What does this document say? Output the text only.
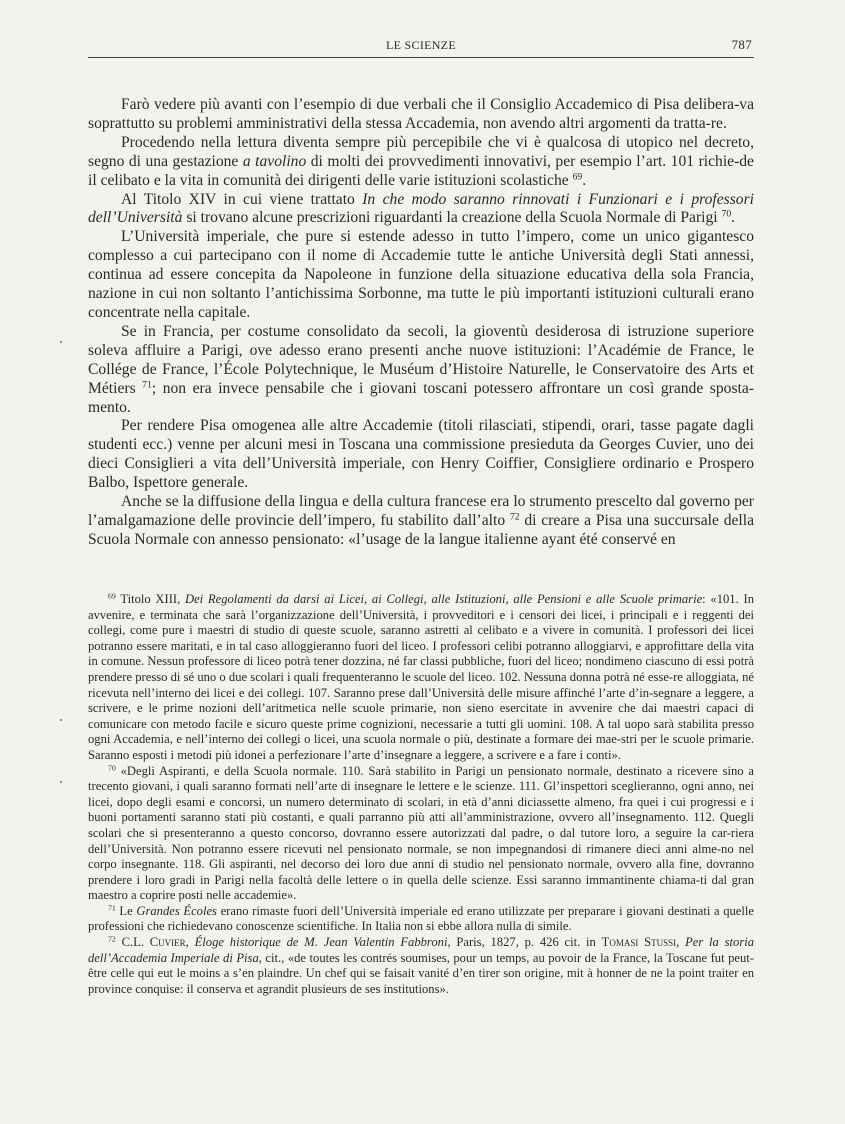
LE SCIENZE	787

Farò vedere più avanti con l’esempio di due verbali che il Consiglio Accademico di Pisa delibera-va soprattutto su problemi amministrativi della stessa Accademia, non avendo altri argomenti da tratta-re.

Procedendo nella lettura diventa sempre più percepibile che vi è qualcosa di utopico nel decreto, segno di una gestazione a tavolino di molti dei provvedimenti innovativi, per esempio l’art. 101 richie-de il celibato e la vita in comunità dei dirigenti delle varie istituzioni scolastiche $^{69}$.

Al Titolo XIV in cui viene trattato In che modo saranno rinnovati i Funzionari e i professori dell’Università si trovano alcune prescrizioni riguardanti la creazione della Scuola Normale di Parigi $^{70}$.

L’Università imperiale, che pure si estende adesso in tutto l’impero, come un unico gigantesco complesso a cui partecipano con il nome di Accademie tutte le antiche Università degli Stati annessi, continua ad essere concepita da Napoleone in funzione della situazione educativa della sola Francia, nazione in cui non soltanto l’antichissima Sorbonne, ma tutte le più importanti istituzioni culturali erano concentrate nella capitale.

Se in Francia, per costume consolidato da secoli, la gioventù desiderosa di istruzione superiore soleva affluire a Parigi, ove adesso erano presenti anche nuove istituzioni: l’Académie de France, le Collége de France, l’École Polytechnique, le Muséum d’Histoire Naturelle, le Conservatoire des Arts et Métiers $^{71}$; non era invece pensabile che i giovani toscani potessero affrontare un così grande sposta-mento.

Per rendere Pisa omogenea alle altre Accademie (titoli rilasciati, stipendi, orari, tasse pagate dagli studenti ecc.) venne per alcuni mesi in Toscana una commissione presieduta da Georges Cuvier, uno dei dieci Consiglieri a vita dell’Università imperiale, con Henry Coiffier, Consigliere ordinario e Prospero Balbo, Ispettore generale.

Anche se la diffusione della lingua e della cultura francese era lo strumento prescelto dal governo per l’amalgamazione delle provincie dell’impero, fu stabilito dall’alto $^{72}$ di creare a Pisa una succursale della Scuola Normale con annesso pensionato: «l’usage de la langue italienne ayant été conservé en

$^{69}$ Titolo XIII, Dei Regolamenti da darsi ai Licei, ai Collegi, alle Istituzioni, alle Pensioni e alle Scuole primarie: «101. In avvenire, e terminata che sarà l’organizzazione dell’Università, i provveditori e i censori dei licei, i principali e i reggenti dei collegi, come pure i maestri di studio di queste scuole, saranno astretti al celibato e a vivere in comunità. I professori dei licei potranno essere maritati, e in tal caso alloggieranno fuori del liceo. I professori celibi potranno alloggiarvi, e approfittare della vita in comune. Nessun professore di liceo potrà tener dozzina, né far classi pubbliche, fuori del liceo; nondimeno ciascuno di essi potrà prendere presso di sé uno o due scolari i quali frequenteranno le scuole del liceo. 102. Nessuna donna potrà né esse-re alloggiata, né ricevuta nell’interno dei licei e dei collegi. 107. Saranno prese dall’Università delle misure affinché l’arte d’in-segnare a leggere, a scrivere, e le prime nozioni dell’aritmetica nelle scuole primarie, non sieno esercitate in avvenire che dai maestri capaci di comunicare con metodo facile e sicuro queste prime cognizioni, necessarie a tutti gli uomini. 108. A tal uopo sarà stabilita presso ogni Accademia, e nell’interno dei collegi o licei, una scuola normale o più, destinate a formare dei mae-stri per le scuole primarie. Saranno esposti i metodi più idonei a perfezionare l’arte d’insegnare a leggere, a scrivere e a fare i conti».

$^{70}$ «Degli Aspiranti, e della Scuola normale. 110. Sarà stabilito in Parigi un pensionato normale, destinato a ricevere sino a trecento giovani, i quali saranno formati nell’arte di insegnare le lettere e le scienze. 111. Gl’inspettori sceglieranno, ogni anno, nei licei, dopo degli esami e concorsi, un numero determinato di scolari, in età d’anni diciassette almeno, fra quei i cui progressi e i buoni portamenti saranno stati più costanti, e quali parranno più atti all’amministrazione, ovvero all’insegnamento. 112. Quegli scolari che si presenteranno a questo concorso, dovranno essere autorizzati dal padre, o dal tutore loro, a seguire la car-riera dell’Università. Non potranno essere ricevuti nel pensionato normale, se non impegnandosi di rimanere dieci anni alme-no nel corpo insegnante. 118. Gli aspiranti, nel decorso dei loro due anni di studio nel pensionato normale, ovvero alla fine, dovranno prendere i loro gradi in Parigi nella facoltà delle lettere o in quella delle scienze. Essi saranno immantinente chiama-ti dal gran maestro a coprire posti nelle accademie».

$^{71}$ Le Grandes Écoles erano rimaste fuori dell’Università imperiale ed erano utilizzate per preparare i giovani destinati a quelle professioni che richiedevano conoscenze scientifiche. In Italia non si ebbe allora nulla di simile.

$^{72}$ C.L. Cuvier, Éloge historique de M. Jean Valentin Fabbroni, Paris, 1827, p. 426 cit. in Tomasi Stussi, Per la storia dell’Accademia Imperiale di Pisa, cit., «de toutes les contrés soumises, pour un temps, au povoir de la France, la Toscane fut peut-être celle qui eut le moins a s’en plaindre. Un chef qui se faisait vanité d’en tirer son origine, mit à honner de ne la point traiter en province conquise: il conserva et agrandit plusieurs de ses institutions».
